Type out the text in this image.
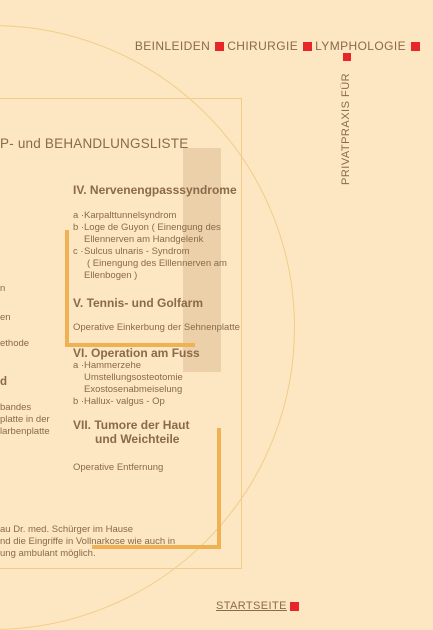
BEINLEIDEN CHIRURGIE LYMPHOLOGIE
PRIVATPRAXIS FÜR
P- und BEHANDLUNGSLISTE
n
en
ethode
d
bandes
platte in der
larbenplatte
IV. Nervenengpasssyndrome
a · Karpalttunnelsyndrom
b · Loge de Guyon ( Einengung des
Ellennerven am Handgelenk
c · Sulcus ulnaris - Syndrom
( Einengung des Elllennerven am
Ellenbogen )
V. Tennis- und Golfarm
Operative Einkerbung der Sehnenplatte
VI. Operation am Fuss
a · Hammerzehe
Umstellungsosteotomie
Exostosenabmeiselung
b · Hallux- valgus - Op
VII. Tumore der Haut
und Weichteile
Operative Entfernung
au Dr. med. Schürger im Hause
nd die Eingriffe in Vollnarkose wie auch in
ung ambulant möglich.
STARTSEITE
